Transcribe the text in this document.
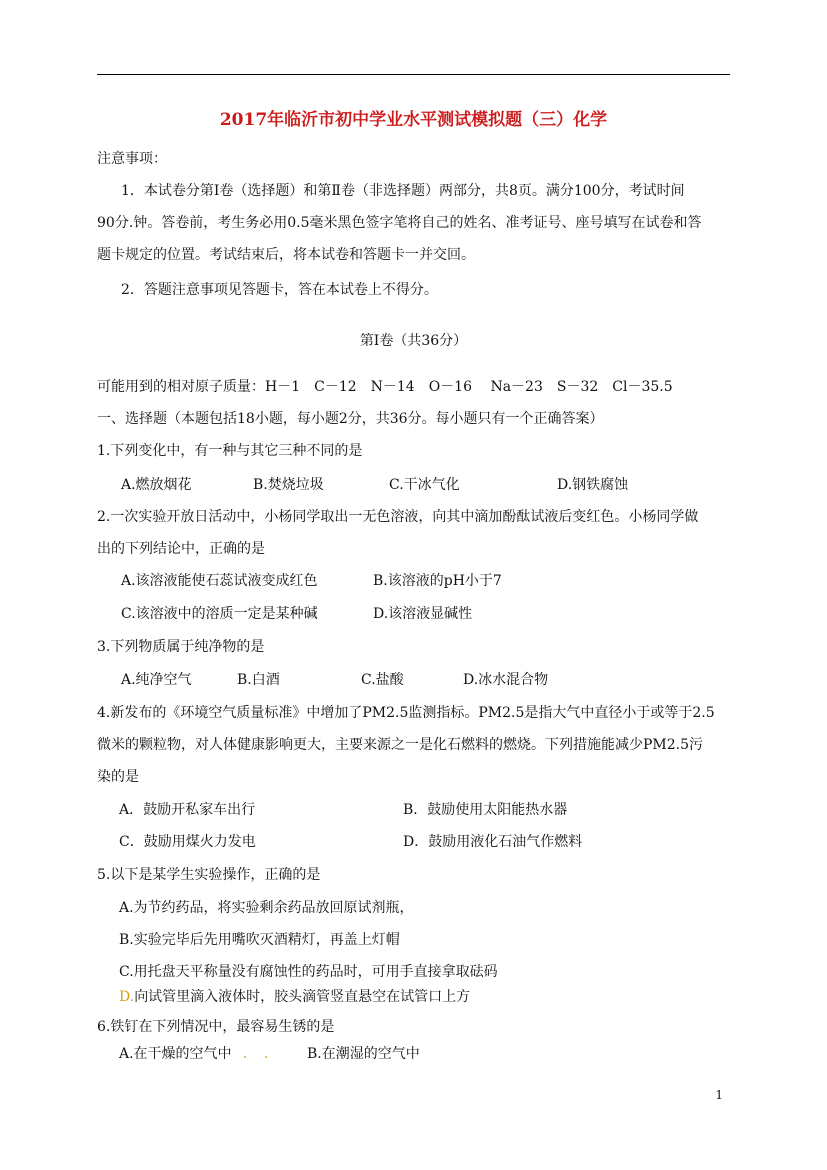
2017年临沂市初中学业水平测试模拟题（三）化学
注意事项：
1．本试卷分第Ⅰ卷（选择题）和第Ⅱ卷（非选择题）两部分，共8页。满分100分，考试时间
90分.钟。答卷前，考生务必用0.5毫米黑色签字笔将自己的姓名、准考证号、座号填写在试卷和答
题卡规定的位置。考试结束后，将本试卷和答题卡一并交回。
2．答题注意事项见答题卡，答在本试卷上不得分。
第Ⅰ卷（共36分）
可能用到的相对原子质量：H－1　C－12　N－14　O－16　 Na－23　S－32　Cl－35.5
一、选择题（本题包括18小题，每小题2分，共36分。每小题只有一个正确答案）
1.下列变化中，有一种与其它三种不同的是
A.燃放烟花	B.焚烧垃圾	C.干冰气化	D.钢铁腐蚀
2.一次实验开放日活动中，小杨同学取出一无色溶液，向其中滴加酚酞试液后变红色。小杨同学做
出的下列结论中，正确的是
A.该溶液能使石蕊试液变成红色	B.该溶液的pH小于7
C.该溶液中的溶质一定是某种碱	D.该溶液显碱性
3.下列物质属于纯净物的是
A.纯净空气	B.白酒	C.盐酸	D.冰水混合物
4.新发布的《环境空气质量标准》中增加了PM2.5监测指标。PM2.5是指大气中直径小于或等于2.5
微米的颗粒物，对人体健康影响更大，主要来源之一是化石燃料的燃烧。下列措施能减少PM2.5污
染的是
A．鼓励开私家车出行	B．鼓励使用太阳能热水器
C．鼓励用煤火力发电	D．鼓励用液化石油气作燃料
5.以下是某学生实验操作，正确的是
A.为节约药品，将实验剩余药品放回原试剂瓶，
B.实验完毕后先用嘴吹灭酒精灯，再盖上灯帽
C.用托盘天平称量没有腐蚀性的药品时，可用手直接拿取砝码
D.向试管里滴入液体时，胶头滴管竖直悬空在试管口上方
6.铁钉在下列情况中，最容易生锈的是
A.在干燥的空气中 ．　． B.在潮湿的空气中
1
